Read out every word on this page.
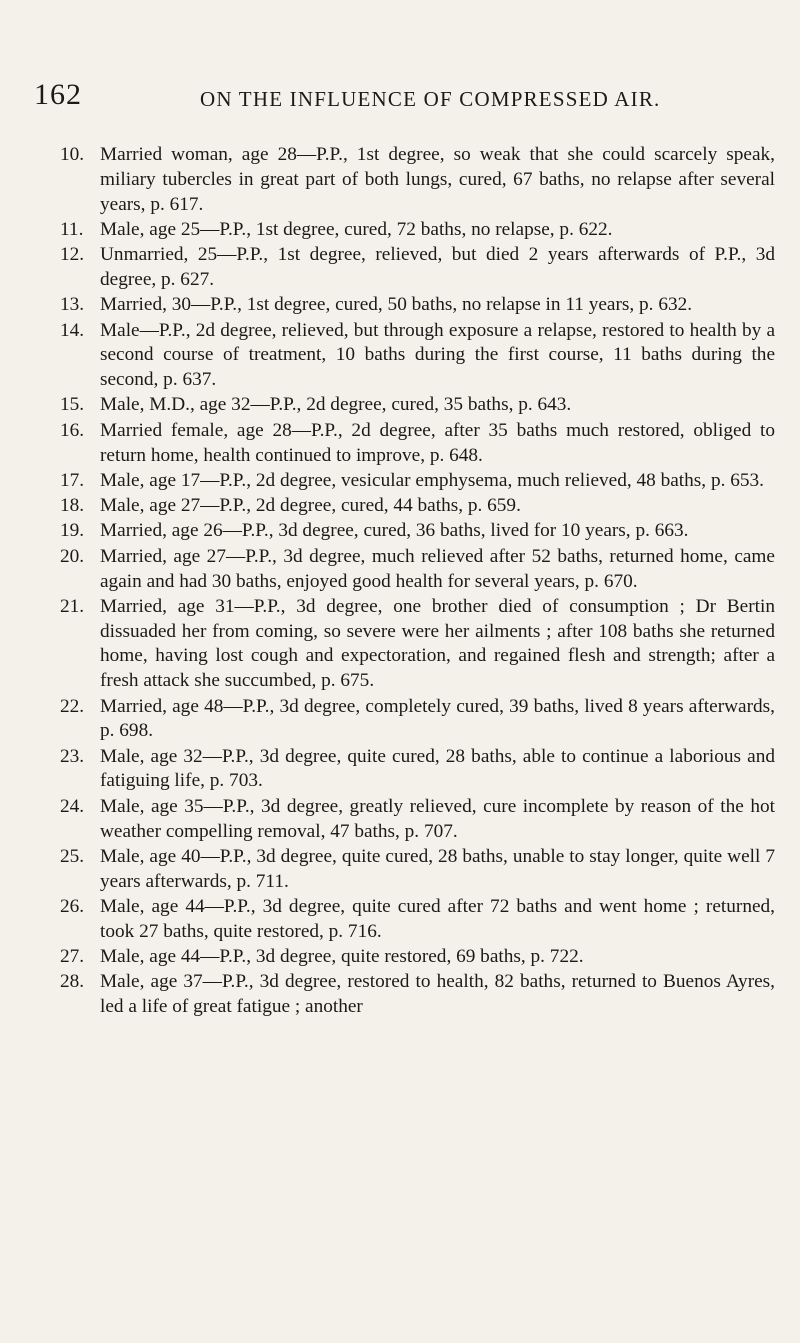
162	ON THE INFLUENCE OF COMPRESSED AIR.
10. Married woman, age 28—P.P., 1st degree, so weak that she could scarcely speak, miliary tubercles in great part of both lungs, cured, 67 baths, no relapse after several years, p. 617.
11. Male, age 25—P.P., 1st degree, cured, 72 baths, no relapse, p. 622.
12. Unmarried, 25—P.P., 1st degree, relieved, but died 2 years afterwards of P.P., 3d degree, p. 627.
13. Married, 30—P.P., 1st degree, cured, 50 baths, no relapse in 11 years, p. 632.
14. Male—P.P., 2d degree, relieved, but through exposure a relapse, restored to health by a second course of treatment, 10 baths during the first course, 11 baths during the second, p. 637.
15. Male, M.D., age 32—P.P., 2d degree, cured, 35 baths, p. 643.
16. Married female, age 28—P.P., 2d degree, after 35 baths much restored, obliged to return home, health continued to improve, p. 648.
17. Male, age 17—P.P., 2d degree, vesicular emphysema, much relieved, 48 baths, p. 653.
18. Male, age 27—P.P., 2d degree, cured, 44 baths, p. 659.
19. Married, age 26—P.P., 3d degree, cured, 36 baths, lived for 10 years, p. 663.
20. Married, age 27—P.P., 3d degree, much relieved after 52 baths, returned home, came again and had 30 baths, enjoyed good health for several years, p. 670.
21. Married, age 31—P.P., 3d degree, one brother died of consumption ; Dr Bertin dissuaded her from coming, so severe were her ailments ; after 108 baths she returned home, having lost cough and expectoration, and regained flesh and strength; after a fresh attack she succumbed, p. 675.
22. Married, age 48—P.P., 3d degree, completely cured, 39 baths, lived 8 years afterwards, p. 698.
23. Male, age 32—P.P., 3d degree, quite cured, 28 baths, able to continue a laborious and fatiguing life, p. 703.
24. Male, age 35—P.P., 3d degree, greatly relieved, cure incomplete by reason of the hot weather compelling removal, 47 baths, p. 707.
25. Male, age 40—P.P., 3d degree, quite cured, 28 baths, unable to stay longer, quite well 7 years afterwards, p. 711.
26. Male, age 44—P.P., 3d degree, quite cured after 72 baths and went home ; returned, took 27 baths, quite restored, p. 716.
27. Male, age 44—P.P., 3d degree, quite restored, 69 baths, p. 722.
28. Male, age 37—P.P., 3d degree, restored to health, 82 baths, returned to Buenos Ayres, led a life of great fatigue ; another
